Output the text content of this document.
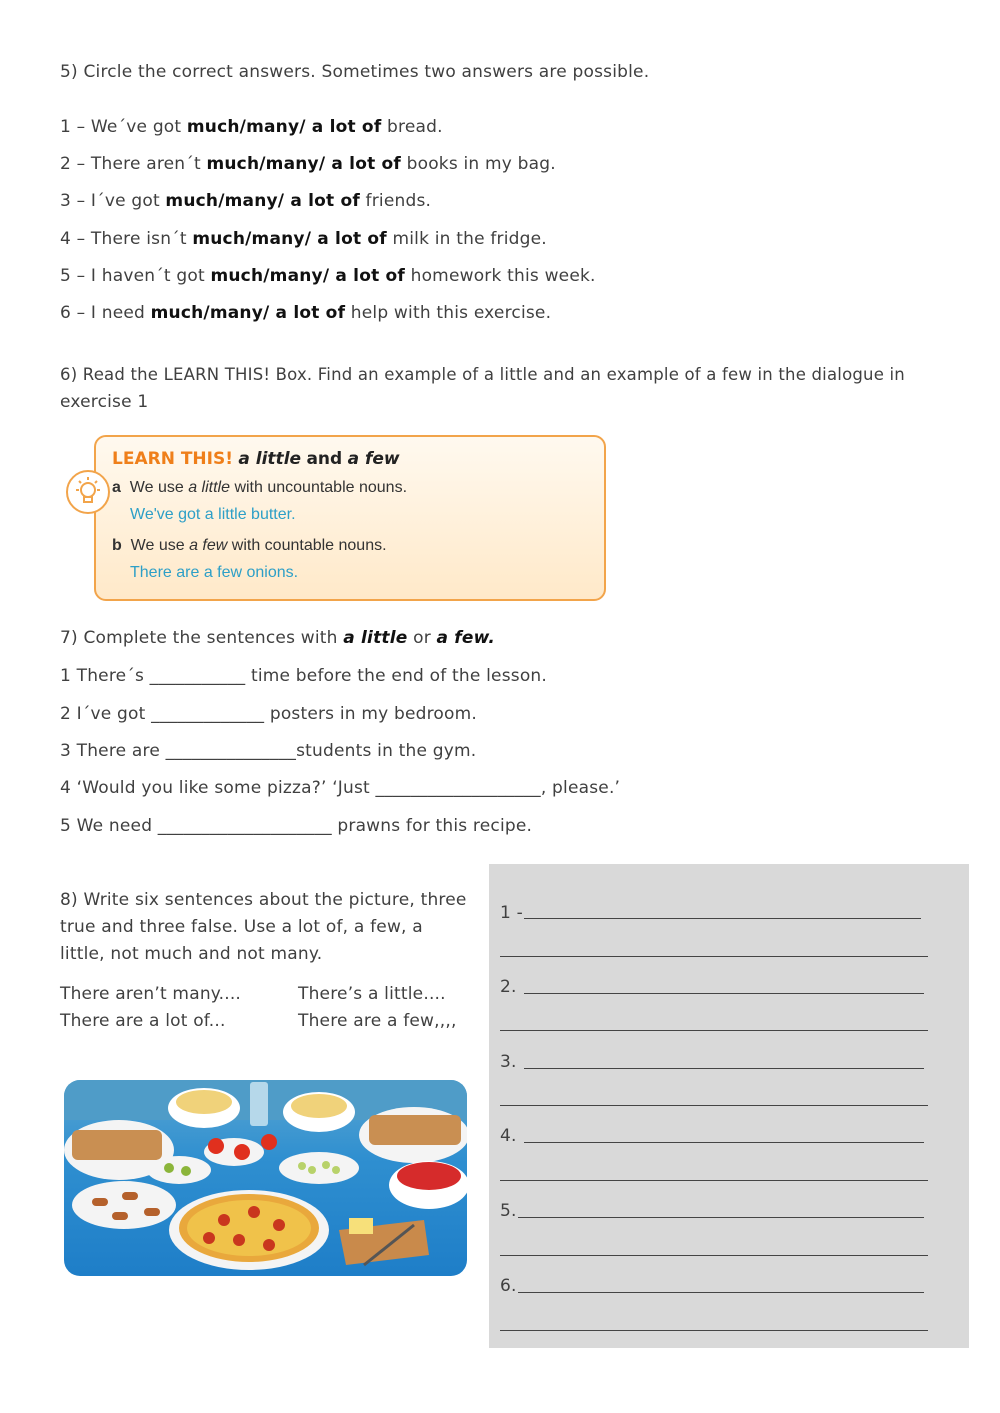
5) Circle the correct answers. Sometimes two answers are possible.
1 – We´ve got much/many/ a lot of bread.
2 – There aren´t much/many/ a lot of books in my bag.
3 – I´ve got much/many/ a lot of friends.
4 – There isn´t much/many/ a lot of milk in the fridge.
5 – I haven´t got much/many/ a lot of homework this week.
6 – I need much/many/ a lot of help with this exercise.
6) Read the LEARN THIS! Box. Find an example of a little and an example of a few in the dialogue in
exercise 1
LEARN THIS! a little and a few
a We use a little with uncountable nouns.
We've got a little butter.
b We use a few with countable nouns.
There are a few onions.
7) Complete the sentences with a little or a few.
1 There´s ___________ time before the end of the lesson.
2 I´ve got _____________ posters in my bedroom.
3 There are _______________students in the gym.
4 ‘Would you like some pizza?’ ‘Just ___________________, please.’
5 We need ____________________ prawns for this recipe.
8) Write six sentences about the picture, three
true and three false. Use a lot of, a few, a
little, not much and not many.
There aren’t many....	There’s a little....
There are a lot of...	There are a few,,,,
1 -
2.
3.
4.
5.
6.
